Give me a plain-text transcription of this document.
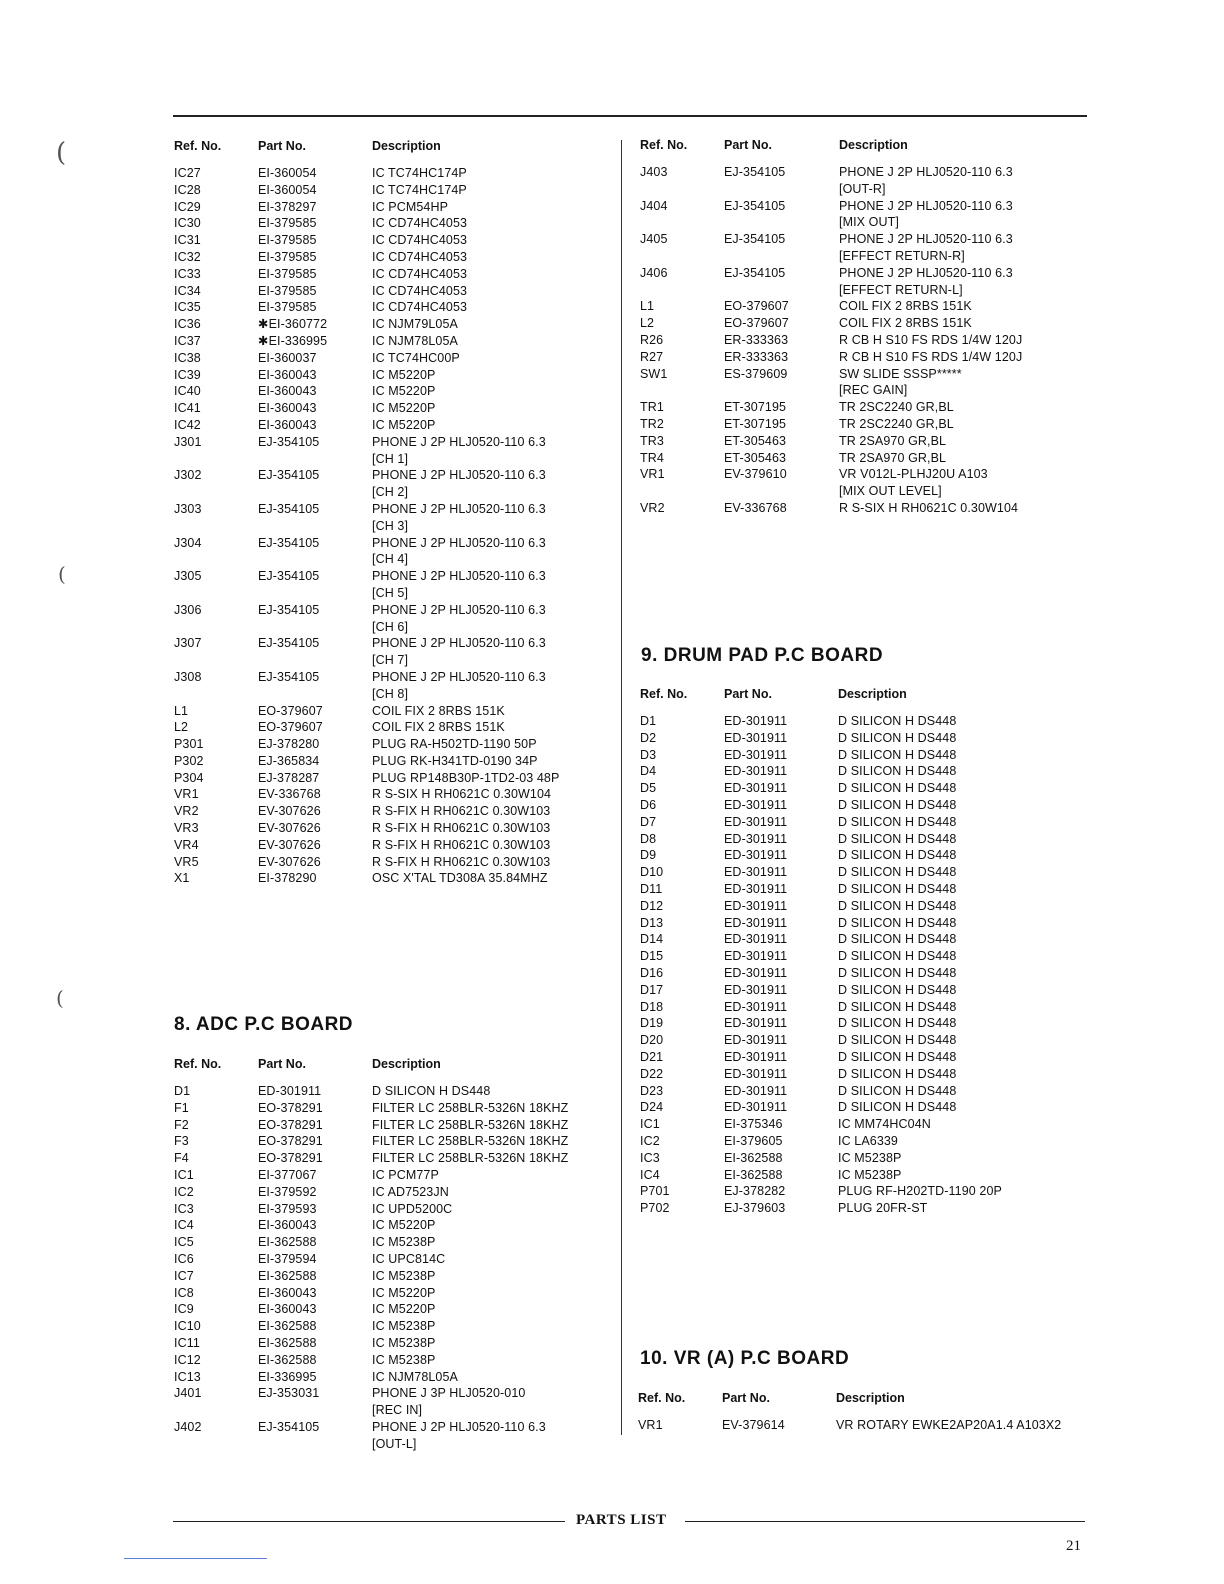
(
(
(
Ref. No.	Part No.	Description
IC27	EI-360054	IC TC74HC174P
IC28	EI-360054	IC TC74HC174P
IC29	EI-378297	IC PCM54HP
IC30	EI-379585	IC CD74HC4053
IC31	EI-379585	IC CD74HC4053
IC32	EI-379585	IC CD74HC4053
IC33	EI-379585	IC CD74HC4053
IC34	EI-379585	IC CD74HC4053
IC35	EI-379585	IC CD74HC4053
IC36	✱EI-360772	IC NJM79L05A
IC37	✱EI-336995	IC NJM78L05A
IC38	EI-360037	IC TC74HC00P
IC39	EI-360043	IC M5220P
IC40	EI-360043	IC M5220P
IC41	EI-360043	IC M5220P
IC42	EI-360043	IC M5220P
J301	EJ-354105	PHONE J 2P HLJ0520-110 6.3
[CH 1]
J302	EJ-354105	PHONE J 2P HLJ0520-110 6.3
[CH 2]
J303	EJ-354105	PHONE J 2P HLJ0520-110 6.3
[CH 3]
J304	EJ-354105	PHONE J 2P HLJ0520-110 6.3
[CH 4]
J305	EJ-354105	PHONE J 2P HLJ0520-110 6.3
[CH 5]
J306	EJ-354105	PHONE J 2P HLJ0520-110 6.3
[CH 6]
J307	EJ-354105	PHONE J 2P HLJ0520-110 6.3
[CH 7]
J308	EJ-354105	PHONE J 2P HLJ0520-110 6.3
[CH 8]
L1	EO-379607	COIL FIX 2 8RBS 151K
L2	EO-379607	COIL FIX 2 8RBS 151K
P301	EJ-378280	PLUG RA-H502TD-1190 50P
P302	EJ-365834	PLUG RK-H341TD-0190 34P
P304	EJ-378287	PLUG RP148B30P-1TD2-03 48P
VR1	EV-336768	R S-SIX H RH0621C 0.30W104
VR2	EV-307626	R S-FIX H RH0621C 0.30W103
VR3	EV-307626	R S-FIX H RH0621C 0.30W103
VR4	EV-307626	R S-FIX H RH0621C 0.30W103
VR5	EV-307626	R S-FIX H RH0621C 0.30W103
X1	EI-378290	OSC X'TAL TD308A 35.84MHZ
8. ADC P.C BOARD
Ref. No.	Part No.	Description
D1	ED-301911	D SILICON H DS448
F1	EO-378291	FILTER LC 258BLR-5326N 18KHZ
F2	EO-378291	FILTER LC 258BLR-5326N 18KHZ
F3	EO-378291	FILTER LC 258BLR-5326N 18KHZ
F4	EO-378291	FILTER LC 258BLR-5326N 18KHZ
IC1	EI-377067	IC PCM77P
IC2	EI-379592	IC AD7523JN
IC3	EI-379593	IC UPD5200C
IC4	EI-360043	IC M5220P
IC5	EI-362588	IC M5238P
IC6	EI-379594	IC UPC814C
IC7	EI-362588	IC M5238P
IC8	EI-360043	IC M5220P
IC9	EI-360043	IC M5220P
IC10	EI-362588	IC M5238P
IC11	EI-362588	IC M5238P
IC12	EI-362588	IC M5238P
IC13	EI-336995	IC NJM78L05A
J401	EJ-353031	PHONE J 3P HLJ0520-010
[REC IN]
J402	EJ-354105	PHONE J 2P HLJ0520-110 6.3
[OUT-L]
Ref. No.	Part No.	Description
J403	EJ-354105	PHONE J 2P HLJ0520-110 6.3
[OUT-R]
J404	EJ-354105	PHONE J 2P HLJ0520-110 6.3
[MIX OUT]
J405	EJ-354105	PHONE J 2P HLJ0520-110 6.3
[EFFECT RETURN-R]
J406	EJ-354105	PHONE J 2P HLJ0520-110 6.3
[EFFECT RETURN-L]
L1	EO-379607	COIL FIX 2 8RBS 151K
L2	EO-379607	COIL FIX 2 8RBS 151K
R26	ER-333363	R CB H S10 FS RDS 1/4W 120J
R27	ER-333363	R CB H S10 FS RDS 1/4W 120J
SW1	ES-379609	SW SLIDE SSSP*****
[REC GAIN]
TR1	ET-307195	TR 2SC2240 GR,BL
TR2	ET-307195	TR 2SC2240 GR,BL
TR3	ET-305463	TR 2SA970 GR,BL
TR4	ET-305463	TR 2SA970 GR,BL
VR1	EV-379610	VR V012L-PLHJ20U A103
[MIX OUT LEVEL]
VR2	EV-336768	R S-SIX H RH0621C 0.30W104
9. DRUM PAD P.C BOARD
Ref. No.	Part No.	Description
D1	ED-301911	D SILICON H DS448
D2	ED-301911	D SILICON H DS448
D3	ED-301911	D SILICON H DS448
D4	ED-301911	D SILICON H DS448
D5	ED-301911	D SILICON H DS448
D6	ED-301911	D SILICON H DS448
D7	ED-301911	D SILICON H DS448
D8	ED-301911	D SILICON H DS448
D9	ED-301911	D SILICON H DS448
D10	ED-301911	D SILICON H DS448
D11	ED-301911	D SILICON H DS448
D12	ED-301911	D SILICON H DS448
D13	ED-301911	D SILICON H DS448
D14	ED-301911	D SILICON H DS448
D15	ED-301911	D SILICON H DS448
D16	ED-301911	D SILICON H DS448
D17	ED-301911	D SILICON H DS448
D18	ED-301911	D SILICON H DS448
D19	ED-301911	D SILICON H DS448
D20	ED-301911	D SILICON H DS448
D21	ED-301911	D SILICON H DS448
D22	ED-301911	D SILICON H DS448
D23	ED-301911	D SILICON H DS448
D24	ED-301911	D SILICON H DS448
IC1	EI-375346	IC MM74HC04N
IC2	EI-379605	IC LA6339
IC3	EI-362588	IC M5238P
IC4	EI-362588	IC M5238P
P701	EJ-378282	PLUG RF-H202TD-1190 20P
P702	EJ-379603	PLUG 20FR-ST
10. VR (A) P.C BOARD
Ref. No.	Part No.	Description
VR1	EV-379614	VR ROTARY EWKE2AP20A1.4 A103X2
PARTS LIST
21
